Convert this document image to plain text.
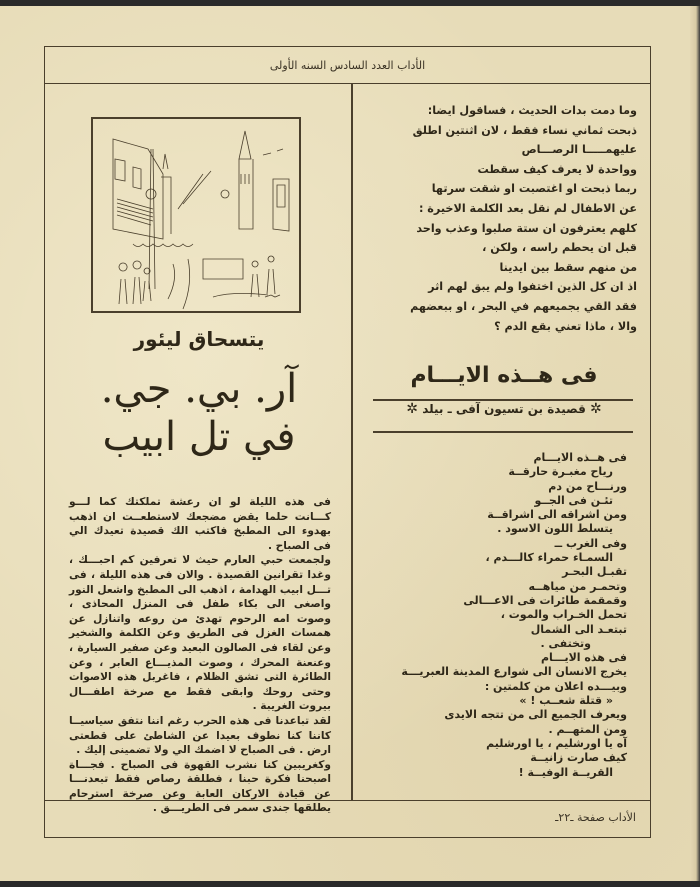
الأداب العدد السادس السنه الأولى
وما دمت بدات الحديث ، فساقول ايضا:
ذبحت ثماني نساء فقط ، لان اثنتين اطلق
عليهمـــــا الرصـــاص
وواحدة لا يعرف كيف سقطت
ربما ذبحت او اغتصبت او شقت سرتها
عن الاطفال لم نقل بعد الكلمة الاخيرة :
كلهم يعترفون ان ستة صلبوا وعذب واحد
قبل ان يحطم راسه ، ولكن ،
من منهم سقط بين ايدينا
اذ ان كل الذين اختفوا ولم يبق لهم اثر
فقد القي بجميعهم في البحر ، او ببعضهم
والا ، ماذا تعني بقع الدم ؟
فى هــذه الايـــام
✲ قصيدة بن تسيون آفى ـ بيلد ✲
فى هــذه الايـــام
رياح مغبـرة حارقــة
ورنـــاح من دم
تئـن فى الجــو
ومن اشراقه الى اشراقــة
يتسلط اللون الاسود .
وفى الغرب ــ
السمـاء حمراء كالـــدم ،
تقبـل البحـر
وتحمـر من مياهــه
وقمقمة طائرات فى الاعـــالى
تحمل الخـراب والموت ،
تبتعـد الى الشمال
وتختفى .
فى هذه الايـــام
يخرج الانسان الى شوارع المدينة العبريـــة
وبيـــده اعلان من كلمتين :
« قتلة شعــب ! »
ويعرف الجميع الى من تتجه الايدى
ومن المتهــم .
آه يا اورشليم ، يا اورشليم
كيف صارت زانيــة
القريــة الوفيــة !
يتسحاق ليئور
آر. بي. جي.
في تل ابيب

فى هذه الليلة لو ان رعشة تملكتك كما لـــو كـــانت حلما يقض مضجعك لاستطعــت ان اذهب بهدوء الى المطبخ فاكتب الك قصيدة تعيدك الي فى الصباح .

ولجمعت حبي العارم حيث لا تعرفين كم احبـــك ، وغدا تقرانين القصيدة . والان فى هذه الليلة ، فى تـــل ابيب الهدامة ، اذهب الى المطبخ واشعل النور واصغى الى بكاء طفل فى المنزل المحاذى ، وصوت امه الرحوم تهدئ من روعه واتنازل عن همسات الغزل فى الطريق وعن الكلمة والشخير وعن لقاء فى الصالون البعيد وعن صفير السيارة ، وعنعنة المحرك ، وصوت المذيـــاع العابر ، وعن الطائرة التى تشق الظلام ، فاغربل هذه الاصوات وحتى روحك وابقى فقط مع صرخة اطفـــال بيروت الغريبة .

لقد تباعدنا فى هذه الحرب رغم اننا نتفق سياسيــا كاننا كنا نطوف بعيدا عن الشاطئ على قطعتى ارض . فى الصباح لا اضمك الي ولا تضمينى إليك .

وكغريبين كنا نشرب القهوة فى الصباح . فجـــاة اصبحنا فكرة حبنا ، فطلقة رصاص فقط تبعدنـــا عن قيادة الاركان العابة وعن صرخة استرحام يطلقها جندى سمر فى الطريـــق .

الأداب صفحة ـ٢٢ـ
